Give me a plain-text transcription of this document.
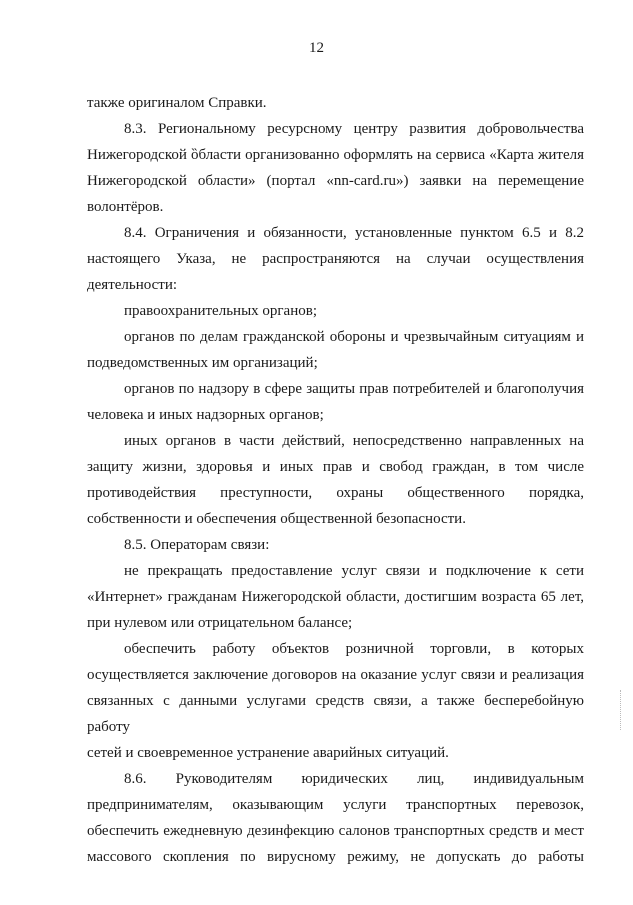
12

также оригиналом Справки.

8.3. Региональному ресурсному центру развития добровольчества

Нижегородской ȍбласти организованно оформлять на сервиса «Карта жителя

Нижегородской области» (портал «nn-card.ru») заявки на перемещение

волонтёров.

8.4. Ограничения и обязанности, установленные пунктом 6.5 и 8.2

настоящего Указа, не распространяются на случаи осуществления

деятельности:

правоохранительных органов;

органов по делам гражданской обороны и чрезвычайным ситуациям и

подведомственных им организаций;

органов по надзору в сфере защиты прав потребителей и благополучия

человека и иных надзорных органов;

иных органов в части действий, непосредственно направленных на

защиту жизни, здоровья и иных прав и свобод граждан, в том числе

противодействия преступности, охраны общественного порядка,

собственности и обеспечения общественной безопасности.

8.5. Операторам связи:

не прекращать предоставление услуг связи и подключение к сети

«Интернет» гражданам Нижегородской области, достигшим возраста 65 лет,

при нулевом или отрицательном балансе;

обеспечить работу объектов розничной торговли, в которых

осуществляется заключение договоров на оказание услуг связи и реализация

связанных с данными услугами средств связи, а также бесперебойную работу

сетей и своевременное устранение аварийных ситуаций.

8.6. Руководителям юридических лиц, индивидуальным

предпринимателям, оказывающим услуги транспортных перевозок,

обеспечить ежедневную дезинфекцию салонов транспортных средств и мест

массового скопления по вирусному режиму, не допускать до работы
